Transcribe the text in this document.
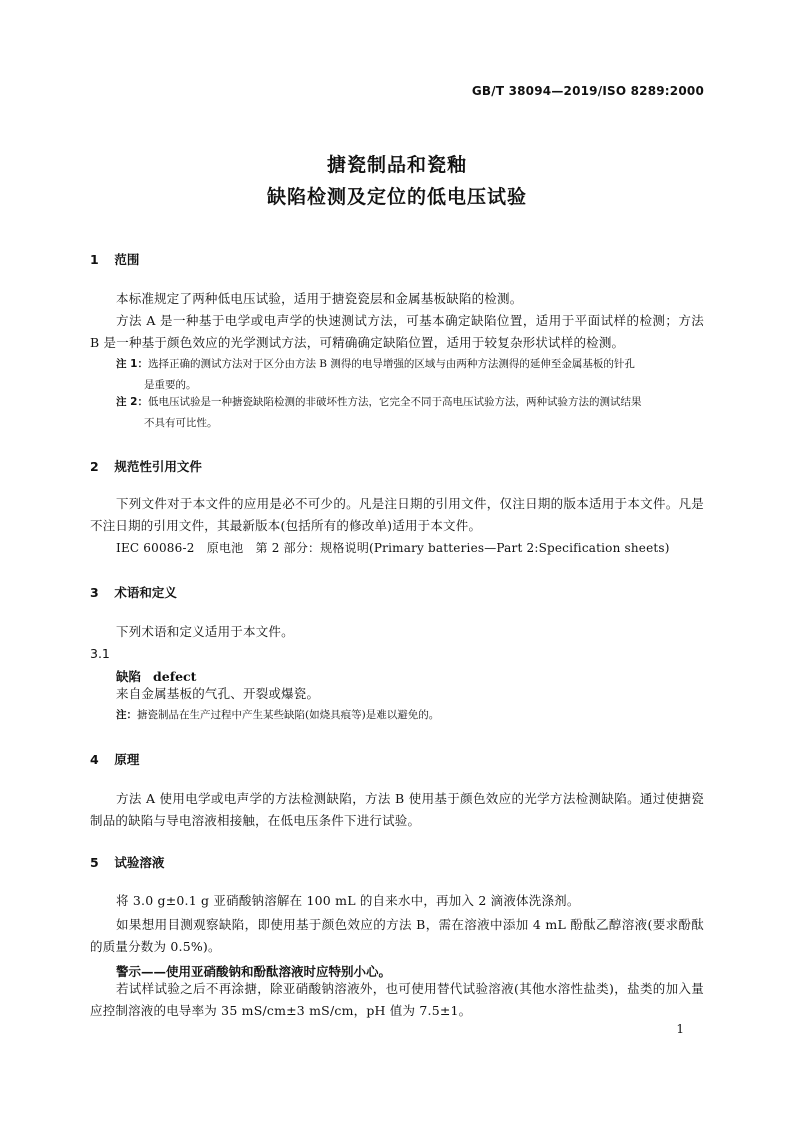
GB/T 38094—2019/ISO 8289:2000
搪瓷制品和瓷釉
缺陷检测及定位的低电压试验
1 范围
本标准规定了两种低电压试验，适用于搪瓷瓷层和金属基板缺陷的检测。
方法 A 是一种基于电学或电声学的快速测试方法，可基本确定缺陷位置，适用于平面试样的检测；方法 B 是一种基于颜色效应的光学测试方法，可精确确定缺陷位置，适用于较复杂形状试样的检测。
注 1：选择正确的测试方法对于区分由方法 B 测得的电导增强的区域与由两种方法测得的延伸至金属基板的针孔
是重要的。
注 2：低电压试验是一种搪瓷缺陷检测的非破坏性方法，它完全不同于高电压试验方法，两种试验方法的测试结果
不具有可比性。
2 规范性引用文件
下列文件对于本文件的应用是必不可少的。凡是注日期的引用文件，仅注日期的版本适用于本文件。凡是不注日期的引用文件，其最新版本(包括所有的修改单)适用于本文件。
IEC 60086-2　原电池　第 2 部分：规格说明(Primary batteries—Part 2:Specification sheets)
3 术语和定义
下列术语和定义适用于本文件。
3.1
缺陷 defect
来自金属基板的气孔、开裂或爆瓷。
注：搪瓷制品在生产过程中产生某些缺陷(如烧具痕等)是难以避免的。
4 原理
方法 A 使用电学或电声学的方法检测缺陷，方法 B 使用基于颜色效应的光学方法检测缺陷。通过使搪瓷制品的缺陷与导电溶液相接触，在低电压条件下进行试验。
5 试验溶液
将 3.0 g±0.1 g 亚硝酸钠溶解在 100 mL 的自来水中，再加入 2 滴液体洗涤剂。
如果想用目测观察缺陷，即使用基于颜色效应的方法 B，需在溶液中添加 4 mL 酚酞乙醇溶液(要求酚酞的质量分数为 0.5%)。
警示——使用亚硝酸钠和酚酞溶液时应特别小心。
若试样试验之后不再涂搪，除亚硝酸钠溶液外，也可使用替代试验溶液(其他水溶性盐类)，盐类的加入量应控制溶液的电导率为 35 mS/cm±3 mS/cm，pH 值为 7.5±1。
1
